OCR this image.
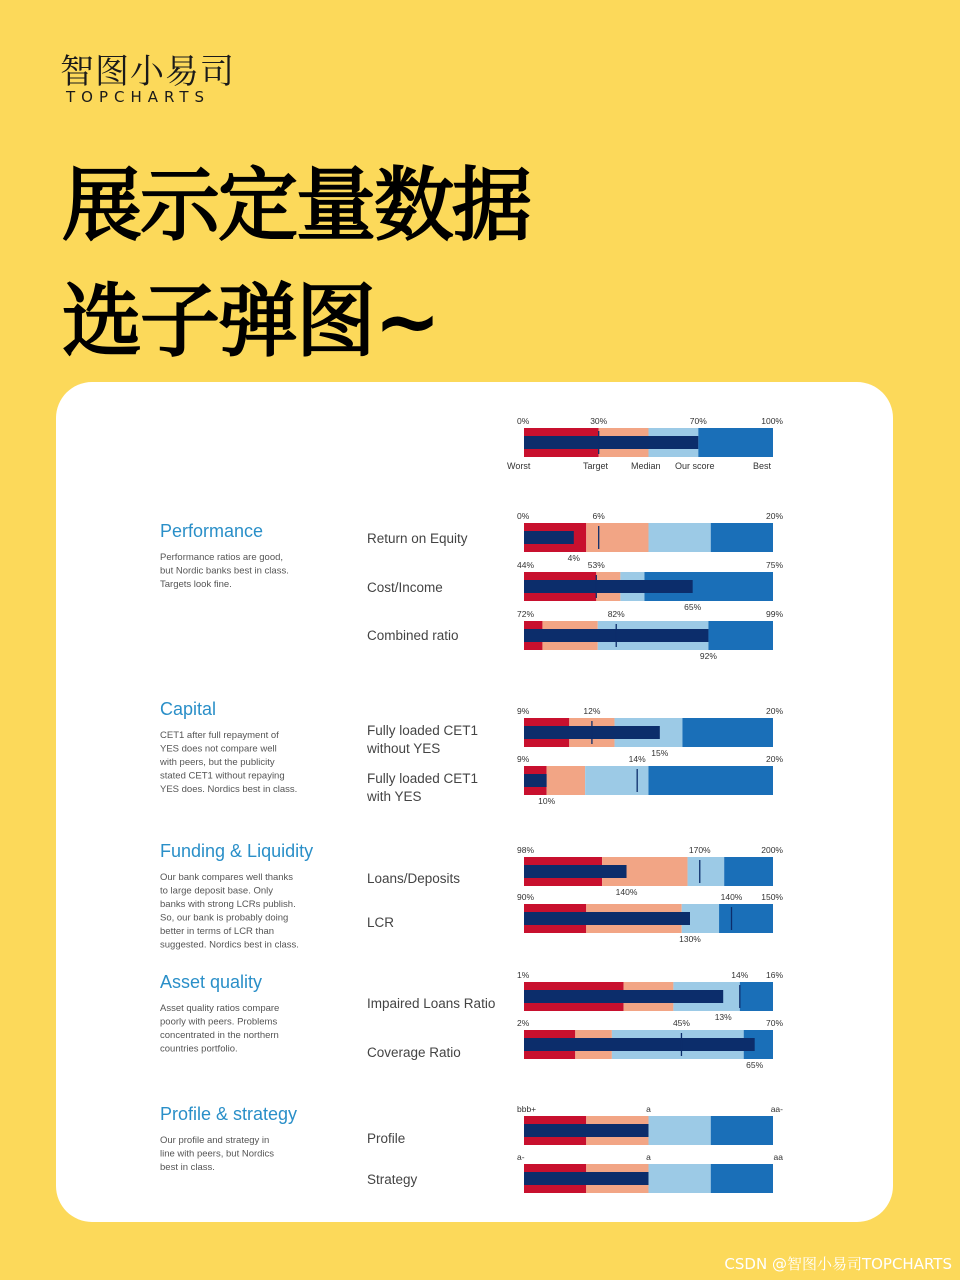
智图小易司
TOPCHARTS
展示定量数据
选子弹图~
0%	30%	70%	100%
Worst	Target	Median Our score	Best
Performance
Performance ratios are good,
but Nordic banks best in class.
Targets look fine.
Return on Equity
0%	6%	20%
4%
Cost/Income
44%	53%	75%
65%
Combined ratio
72%	82%	99%
92%
Capital
CET1 after full repayment of
YES does not compare well
with peers, but the publicity
stated CET1 without repaying
YES does. Nordics best in class.
Fully loaded CET1
without YES
9%	12%	20%
15%
Fully loaded CET1
with YES
9%	14%	20%
10%
Funding & Liquidity
Our bank compares well thanks
to large deposit base. Only
banks with strong LCRs publish.
So, our bank is probably doing
better in terms of LCR than
suggested. Nordics best in class.
Loans/Deposits
98%	170%	200%
140%
LCR
90%	140% 150%
130%
Asset quality
Asset quality ratios compare
poorly with peers. Problems
concentrated in the northern
countries portfolio.
Impaired Loans Ratio
1%	14% 16%
13%
Coverage Ratio
2%	45%	70%
65%
Profile & strategy
Our profile and strategy in
line with peers, but Nordics
best in class.
Profile
bbb+	a	aa-
Strategy
a-	a	aa
CSDN @智图小易司TOPCHARTS
